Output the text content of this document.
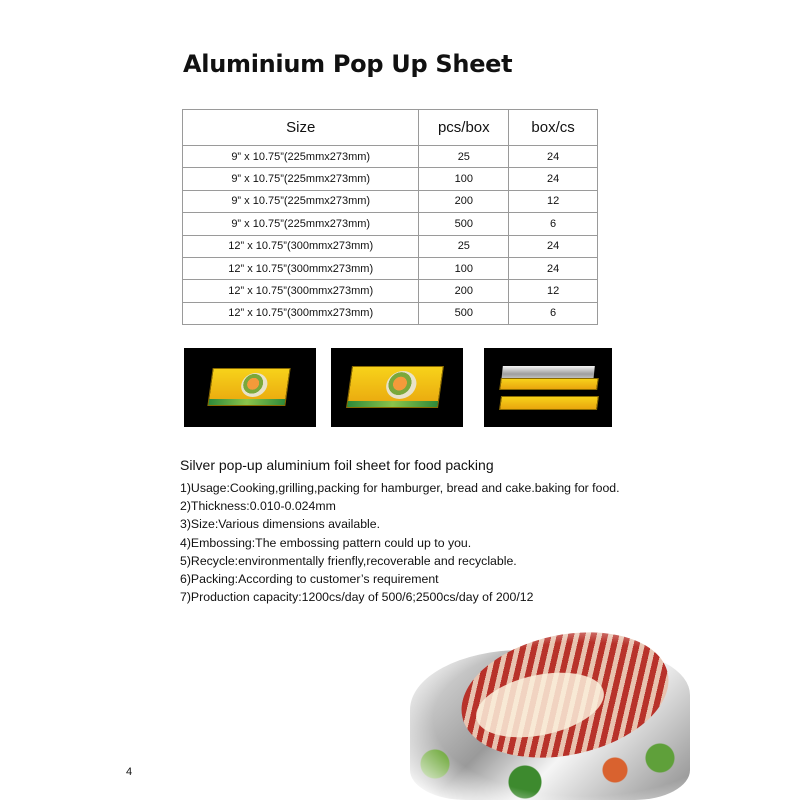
Aluminium Pop Up Sheet
Size	pcs/box	box/cs
9” x 10.75”(225mmx273mm)	25	24
9” x 10.75”(225mmx273mm)	100	24
9” x 10.75”(225mmx273mm)	200	12
9” x 10.75”(225mmx273mm)	500	6
12” x 10.75”(300mmx273mm)	25	24
12” x 10.75”(300mmx273mm)	100	24
12” x 10.75”(300mmx273mm)	200	12
12” x 10.75”(300mmx273mm)	500	6

Silver pop-up aluminium foil sheet for food packing

1)Usage:Cooking,grilling,packing for hamburger, bread and cake.baking for food.
2)Thickness:0.010-0.024mm
3)Size:Various dimensions available.
4)Embossing:The embossing pattern could up to you.
5)Recycle:environmentally frienfly,recoverable and recyclable.
6)Packing:According to customer’s requirement
7)Production capacity:1200cs/day of 500/6;2500cs/day of 200/12

4
